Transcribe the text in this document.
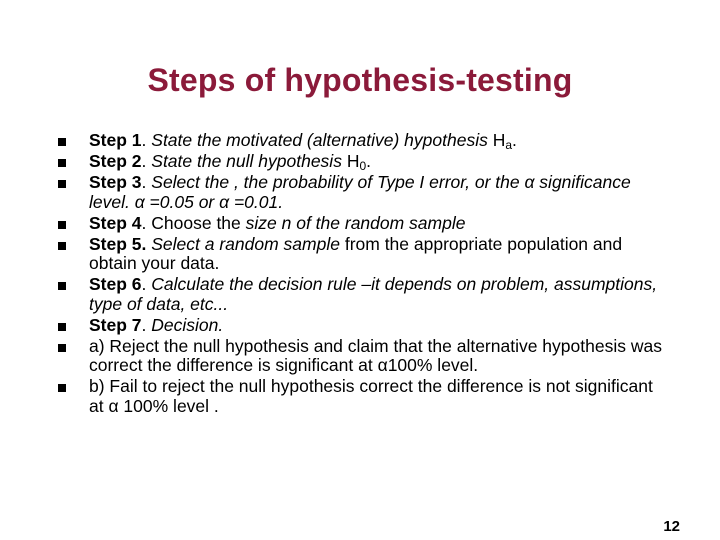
Steps of hypothesis-testing
Step 1. State the motivated (alternative) hypothesis $H_a$.
Step 2. State the null hypothesis $H_0$.
Step 3. Select the , the probability of Type I error, or the α significance level. α =0.05 or α =0.01.
Step 4. Choose the size n of the random sample
Step 5. Select a random sample from the appropriate population and obtain your data.
Step 6. Calculate the decision rule –it depends on problem, assumptions, type of data, etc...
Step 7. Decision.
a) Reject the null hypothesis and claim that the alternative hypothesis was correct the difference is significant at α100% level.
b) Fail to reject the null hypothesis correct the difference is not significant at α 100% level .
12
